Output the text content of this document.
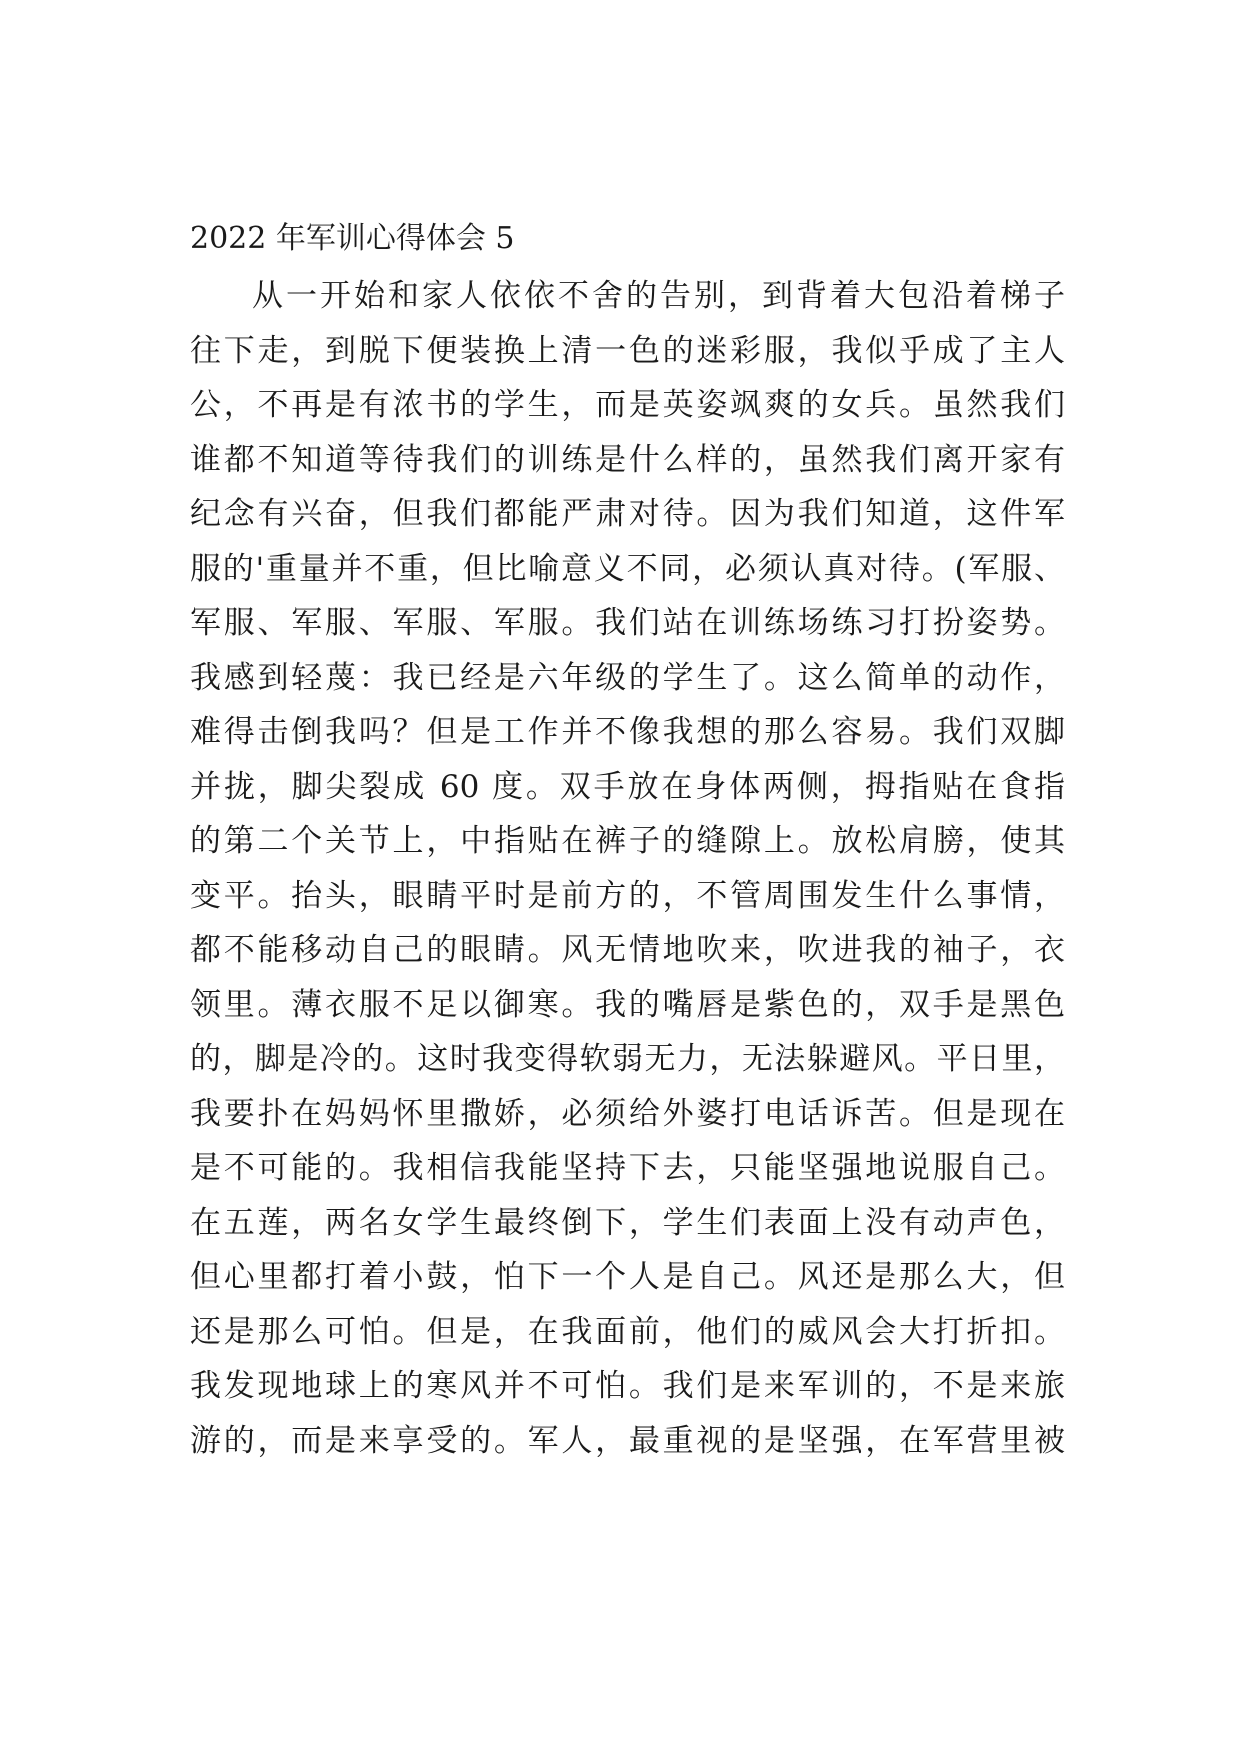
2022 年军训心得体会 5
从一开始和家人依依不舍的告别，到背着大包沿着梯子
往下走，到脱下便装换上清一色的迷彩服，我似乎成了主人
公，不再是有浓书的学生，而是英姿飒爽的女兵。虽然我们
谁都不知道等待我们的训练是什么样的，虽然我们离开家有
纪念有兴奋，但我们都能严肃对待。因为我们知道，这件军
服的'重量并不重，但比喻意义不同，必须认真对待。(军服、
军服、军服、军服、军服。我们站在训练场练习打扮姿势。
我感到轻蔑：我已经是六年级的学生了。这么简单的动作，
难得击倒我吗？但是工作并不像我想的那么容易。我们双脚
并拢，脚尖裂成 60 度。双手放在身体两侧，拇指贴在食指
的第二个关节上，中指贴在裤子的缝隙上。放松肩膀，使其
变平。抬头，眼睛平时是前方的，不管周围发生什么事情，
都不能移动自己的眼睛。风无情地吹来，吹进我的袖子，衣
领里。薄衣服不足以御寒。我的嘴唇是紫色的，双手是黑色
的，脚是冷的。这时我变得软弱无力，无法躲避风。平日里，
我要扑在妈妈怀里撒娇，必须给外婆打电话诉苦。但是现在
是不可能的。我相信我能坚持下去，只能坚强地说服自己。
在五莲，两名女学生最终倒下，学生们表面上没有动声色，
但心里都打着小鼓，怕下一个人是自己。风还是那么大，但
还是那么可怕。但是，在我面前，他们的威风会大打折扣。
我发现地球上的寒风并不可怕。我们是来军训的，不是来旅
游的，而是来享受的。军人，最重视的是坚强，在军营里被
